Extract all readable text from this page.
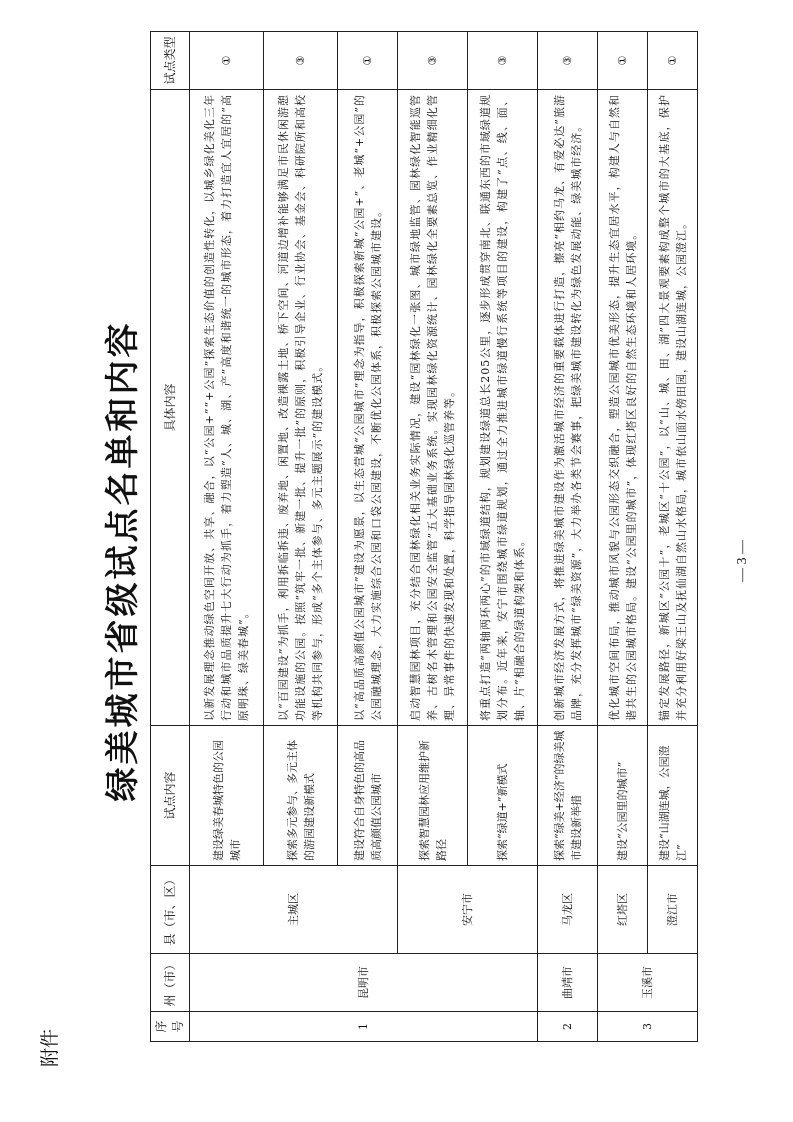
附件
绿美城市省级试点名单和内容
序号	州（市）	县（市、区）	试点内容	具体内容	试点类型
1	昆明市	主城区	建设绿美春城特色的公园城市	以新发展理念推动绿色空间开放、共享、融合，以“公园+”“+公园”探索生态价值的创造性转化，以城乡绿化美化三年行动和城市品质提升七大行动为抓手，着力塑造“人、城、湖、产”高度和谐统一的城市形态，着力打造宜人宜居的“高原明珠、绿美春城”。	①
			探索多元参与、多元主体的游园建设新模式	以“百园建设”为抓手，利用拆临拆违、废弃地、闲置地、改造裸露土地、桥下空间、河道边增补能够满足市民休闲游憩功能设施的公园。按照“筑牢一批、新建一批、提升一批”的原则，积极引导企业、行业协会、基金会、科研院所和高校等机构共同参与，形成“多个主体参与、多元主题展示”的建设模式。	③
			建设符合自身特色的高品质高颜值公园城市	以“高品质高颜值公园城市”建设为愿景，以生态营城“公园城市”理念为指导，积极探索新城“公园+”、老城“+公园”的公园融城理念，大力实施综合公园和口袋公园建设，不断优化公园体系，积极探索公园城市建设。	①
		安宁市	探索智慧园林应用维护新路径	启动智慧园林项目，充分结合园林绿化相关业务实际情况，建设“园林绿化一张图、城市绿地监管、园林绿化智能巡管养、古树名木管理和公园安全监管”五大基础业务系统。实现园林绿化资源统计、园林绿化全要素总览、作业精细化管理、异常事件的快速发现和处置，科学指导园林绿化巡管养等。	③
			探索“绿道+”新模式	将重点打造“两轴两环两心”的市域绿道结构，规划建设绿道总长205公里，逐步形成贯穿南北、联通东西的市域绿道规划分布。近年来，安宁市围绕城市绿道规划，通过全力推进城市绿道慢行系统等项目的建设，构建了“点、线、面、轴、片”相融合的绿道构架和体系。	③
2	曲靖市	马龙区	探索“绿美+经济”的绿美城市建设新举措	创新城市经济发展方式，将推进绿美城市建设作为激活城市经济的重要载体进行打造，擦亮“相约马龙、有爱必达”旅游品牌，充分发挥城市“绿美资源”，大力举办各类节会赛事，把绿美城市建设转化为绿色发展动能、绿美城市经济。	③
3	玉溪市	红塔区	建设“公园里的城市”	优化城市空间布局，推动城市风貌与公园形态交织融合，塑造公园城市优美形态，提升生态宜居水平，构建人与自然和谐共生的公园城市格局。建设“公园里的城市”，体现红塔区良好的自然生态环境和人居环境。	①
		澄江市	建设“山湖连城，公园澄江”	锚定发展路径，新城区“公园十”，老城区“十公园”，以“山、城、田、湖”四大景观要素构成整个城市的大基底，保护并充分利用好梁王山及抚仙湖自然山水格局，城市依山面水傍田园，建设山湖连城，公园澄江。	①
— 3 —
